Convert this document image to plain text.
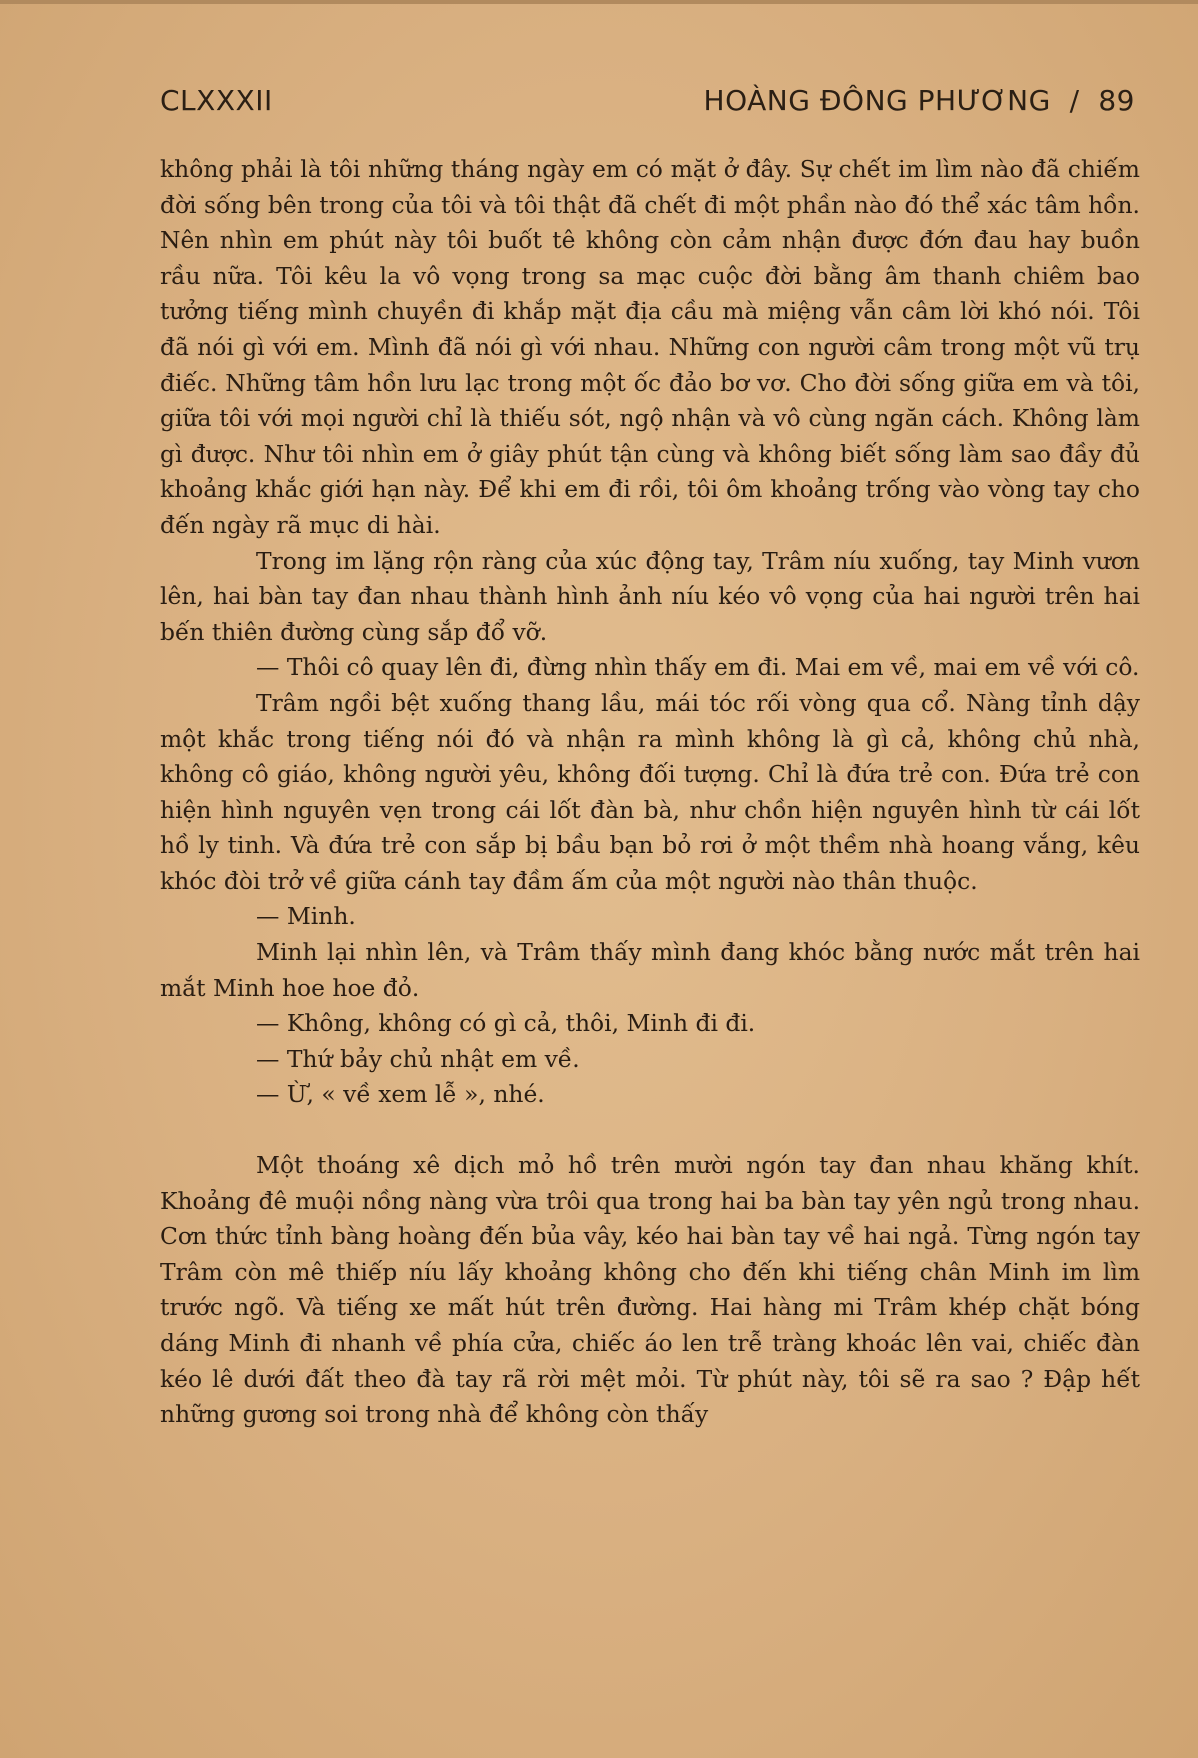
CLXXXII	HOÀNG ĐÔNG PHƯƠNG / 89

không phải là tôi những tháng ngày em có mặt ở đây. Sự chết im lìm nào đã chiếm đời sống bên trong của tôi và tôi thật đã chết đi một phần nào đó thể xác tâm hồn. Nên nhìn em phút này tôi buốt tê không còn cảm nhận được đớn đau hay buồn rầu nữa. Tôi kêu la vô vọng trong sa mạc cuộc đời bằng âm thanh chiêm bao tưởng tiếng mình chuyền đi khắp mặt địa cầu mà miệng vẫn câm lời khó nói. Tôi đã nói gì với em. Mình đã nói gì với nhau. Những con người câm trong một vũ trụ điếc. Những tâm hồn lưu lạc trong một ốc đảo bơ vơ. Cho đời sống giữa em và tôi, giữa tôi với mọi người chỉ là thiếu sót, ngộ nhận và vô cùng ngăn cách. Không làm gì được. Như tôi nhìn em ở giây phút tận cùng và không biết sống làm sao đầy đủ khoảng khắc giới hạn này. Để khi em đi rồi, tôi ôm khoảng trống vào vòng tay cho đến ngày rã mục di hài.

Trong im lặng rộn ràng của xúc động tay, Trâm níu xuống, tay Minh vươn lên, hai bàn tay đan nhau thành hình ảnh níu kéo vô vọng của hai người trên hai bến thiên đường cùng sắp đổ vỡ.

— Thôi cô quay lên đi, đừng nhìn thấy em đi. Mai em về, mai em về với cô.

Trâm ngồi bệt xuống thang lầu, mái tóc rối vòng qua cổ. Nàng tỉnh dậy một khắc trong tiếng nói đó và nhận ra mình không là gì cả, không chủ nhà, không cô giáo, không người yêu, không đối tượng. Chỉ là đứa trẻ con. Đứa trẻ con hiện hình nguyên vẹn trong cái lốt đàn bà, như chồn hiện nguyên hình từ cái lốt hồ ly tinh. Và đứa trẻ con sắp bị bầu bạn bỏ rơi ở một thềm nhà hoang vắng, kêu khóc đòi trở về giữa cánh tay đầm ấm của một người nào thân thuộc.

— Minh.

Minh lại nhìn lên, và Trâm thấy mình đang khóc bằng nước mắt trên hai mắt Minh hoe hoe đỏ.

— Không, không có gì cả, thôi, Minh đi đi.

— Thứ bảy chủ nhật em về.

— Ừ, « về xem lễ », nhé.

Một thoáng xê dịch mỏ hồ trên mười ngón tay đan nhau khăng khít. Khoảng đê muội nồng nàng vừa trôi qua trong hai ba bàn tay yên ngủ trong nhau. Cơn thức tỉnh bàng hoàng đến bủa vây, kéo hai bàn tay về hai ngả. Từng ngón tay Trâm còn mê thiếp níu lấy khoảng không cho đến khi tiếng chân Minh im lìm trước ngõ. Và tiếng xe mất hút trên đường. Hai hàng mi Trâm khép chặt bóng dáng Minh đi nhanh về phía cửa, chiếc áo len trễ tràng khoác lên vai, chiếc đàn kéo lê dưới đất theo đà tay rã rời mệt mỏi. Từ phút này, tôi sẽ ra sao ? Đập hết những gương soi trong nhà để không còn thấy
